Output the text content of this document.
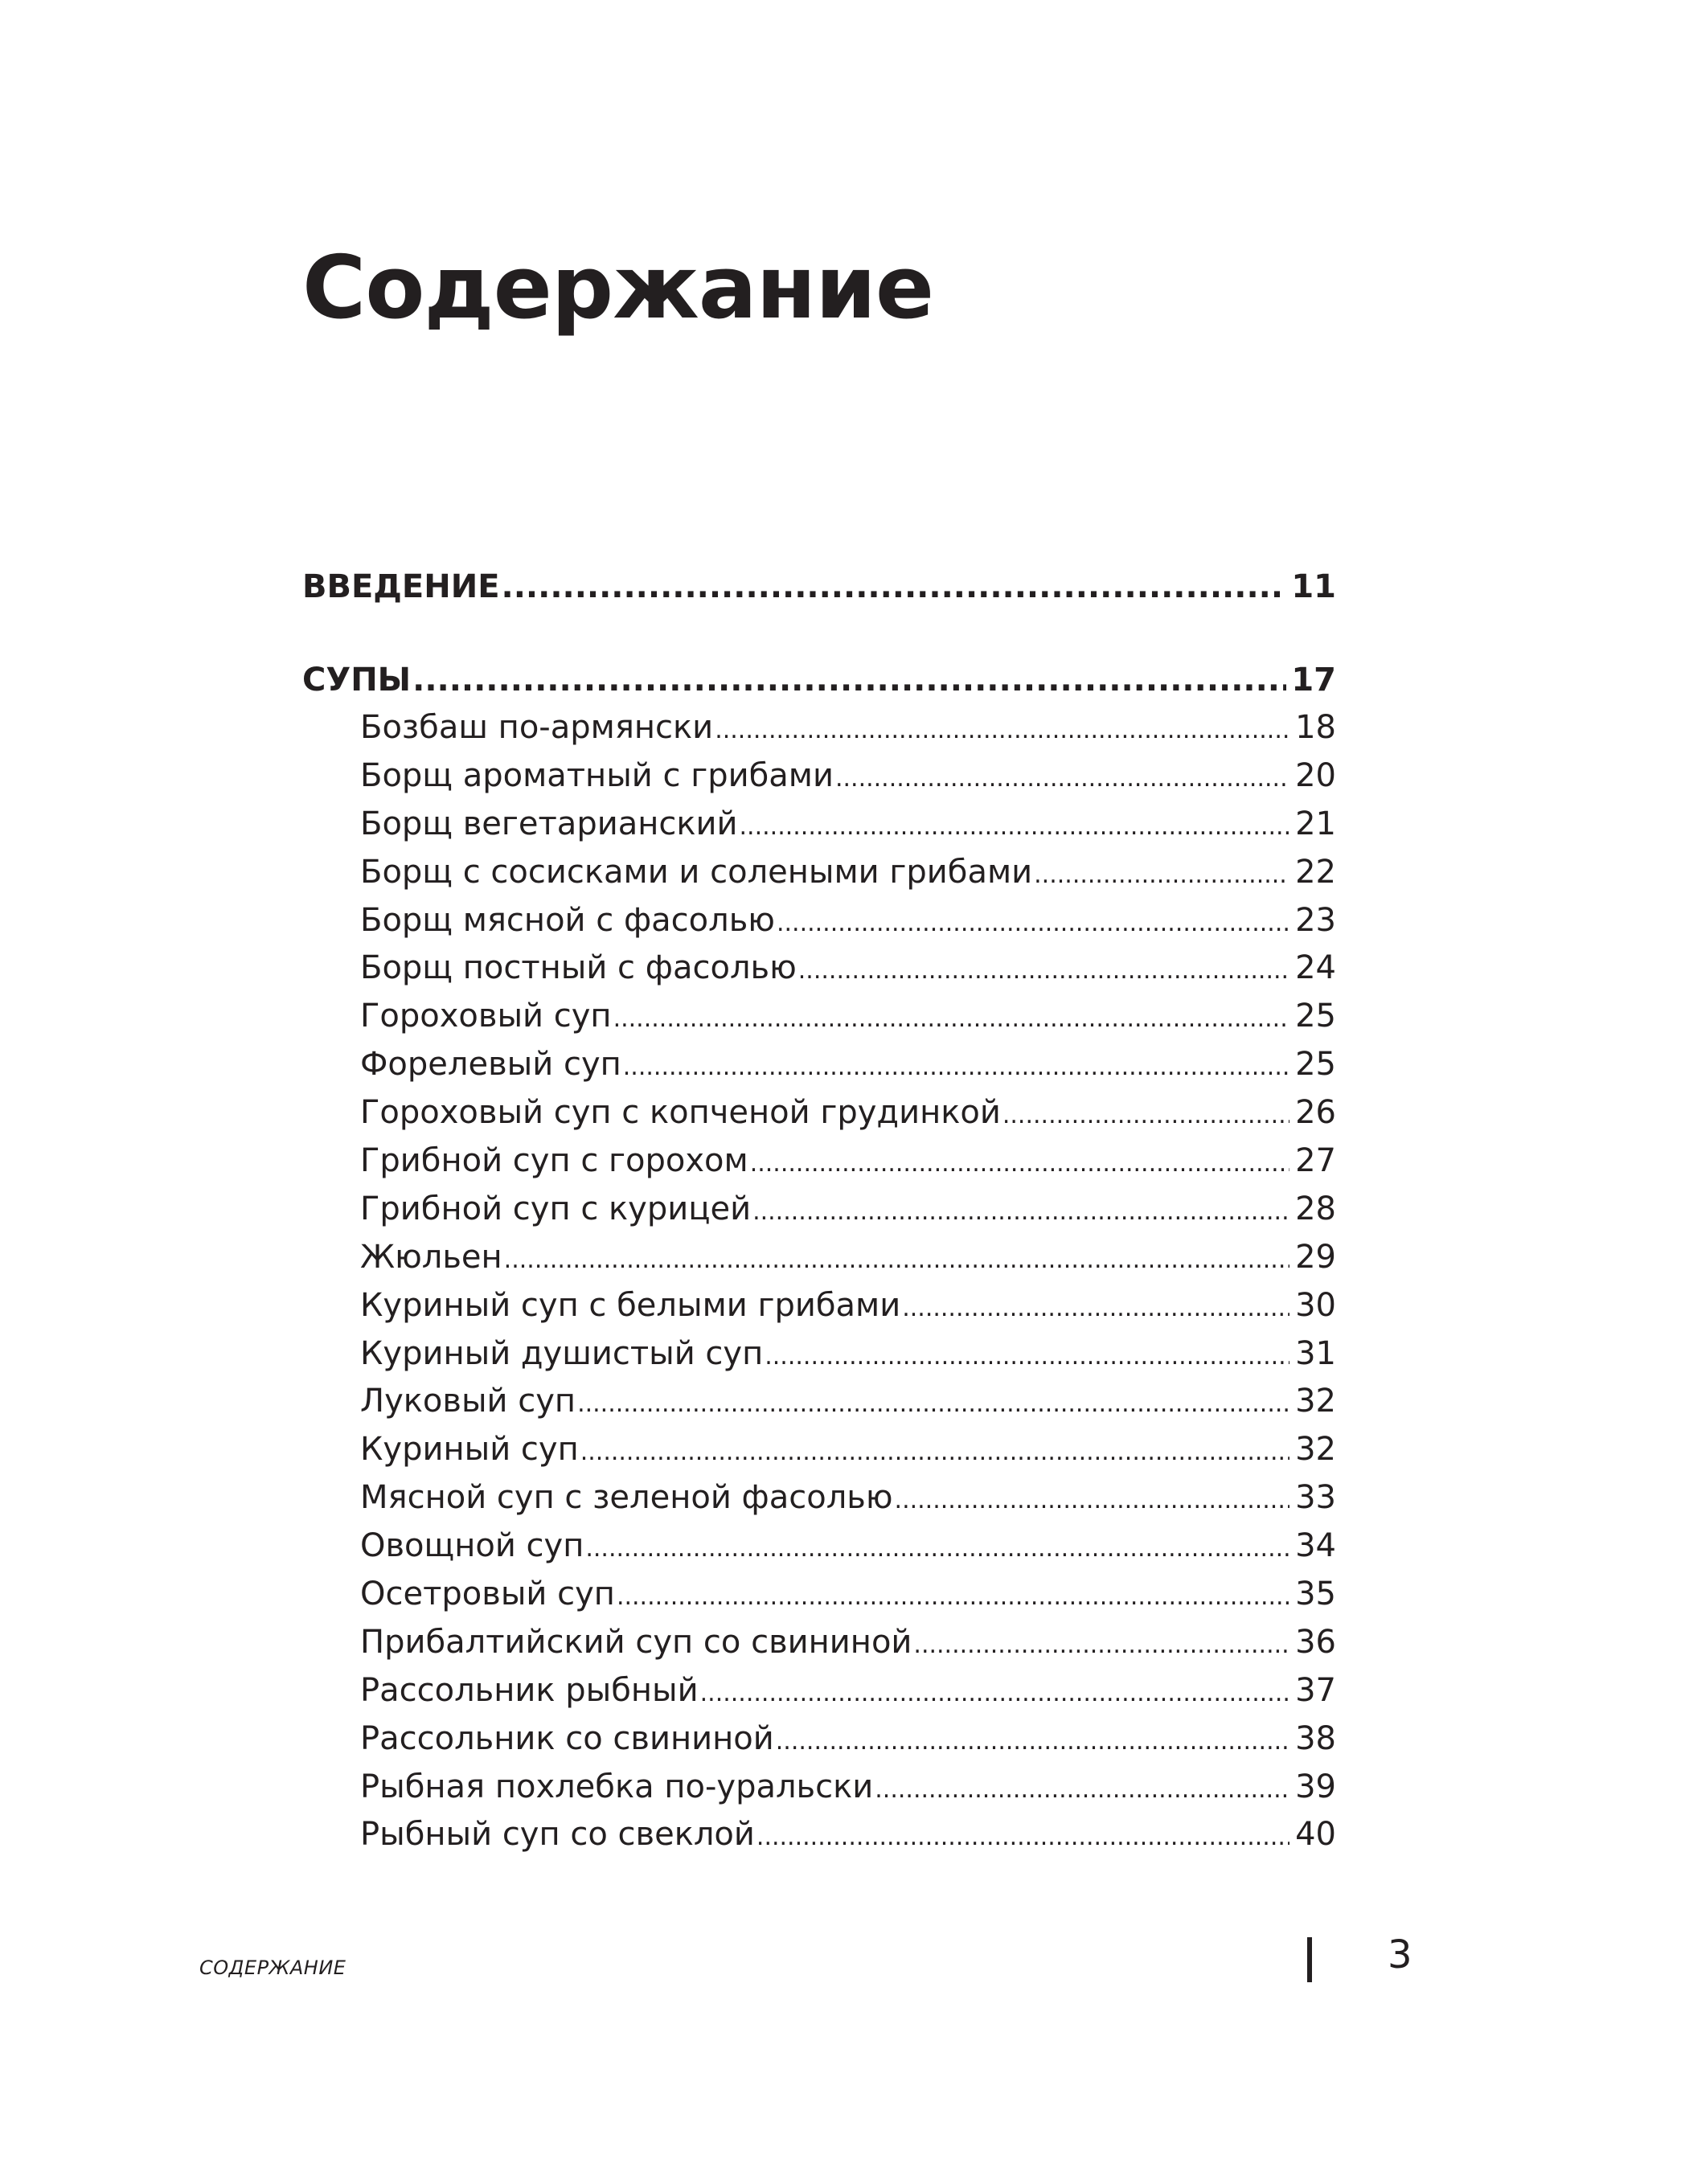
Содержание
ВВЕДЕНИЕ .....	11
СУПЫ .....	17
Бозбаш по-армянски .....	18
Борщ ароматный с грибами .....	20
Борщ вегетарианский .....	21
Борщ с сосисками и солеными грибами .....	22
Борщ мясной с фасолью .....	23
Борщ постный с фасолью .....	24
Гороховый суп .....	25
Форелевый суп .....	25
Гороховый суп с копченой грудинкой .....	26
Грибной суп с горохом .....	27
Грибной суп с курицей .....	28
Жюльен .....	29
Куриный суп с белыми грибами .....	30
Куриный душистый суп .....	31
Луковый суп .....	32
Куриный суп .....	32
Мясной суп с зеленой фасолью .....	33
Овощной суп .....	34
Осетровый суп .....	35
Прибалтийский суп со свининой .....	36
Рассольник рыбный .....	37
Рассольник со свининой .....	38
Рыбная похлебка по-уральски .....	39
Рыбный суп со свеклой .....	40
СОДЕРЖАНИЕ	3
